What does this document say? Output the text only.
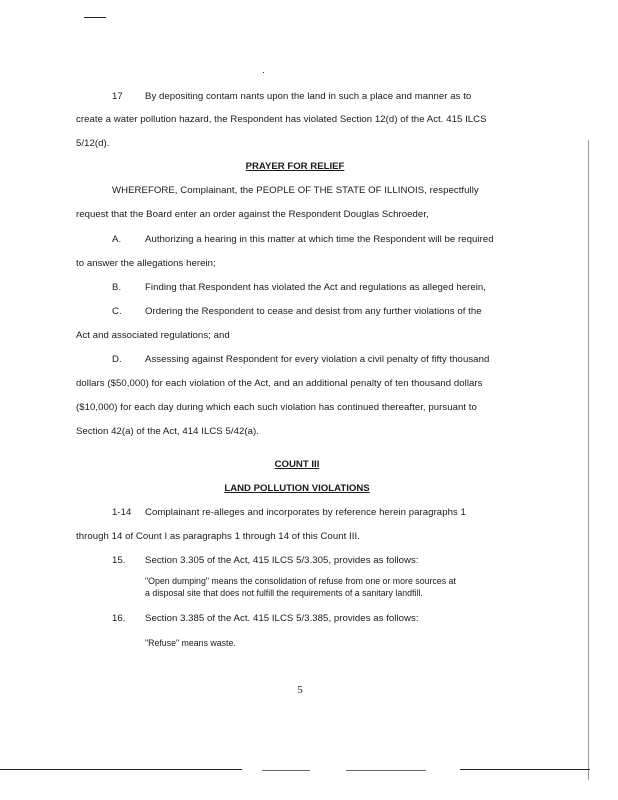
17 By depositing contam nants upon the land in such a place and manner as to
create a water pollution hazard, the Respondent has violated Section 12(d) of the Act. 415 ILCS
5/12(d).
PRAYER FOR RELIEF
WHEREFORE, Complainant, the PEOPLE OF THE STATE OF ILLINOIS, respectfully
request that the Board enter an order against the Respondent Douglas Schroeder,
A. Authorizing a hearing in this matter at which time the Respondent will be required
to answer the allegations herein;
B. Finding that Respondent has violated the Act and regulations as alleged herein,
C. Ordering the Respondent to cease and desist from any further violations of the
Act and associated regulations; and
D. Assessing against Respondent for every violation a civil penalty of fifty thousand
dollars ($50,000) for each violation of the Act, and an additional penalty of ten thousand dollars
($10,000) for each day during which each such violation has continued thereafter, pursuant to
Section 42(a) of the Act, 414 ILCS 5/42(a).
COUNT III
LAND POLLUTION VIOLATIONS
1-14 Complainant re-alleges and incorporates by reference herein paragraphs 1
through 14 of Count I as paragraphs 1 through 14 of this Count III.
15. Section 3.305 of the Act, 415 ILCS 5/3.305, provides as follows:
"Open dumping" means the consolidation of refuse from one or more sources at
a disposal site that does not fulfill the requirements of a sanitary landfill.
16. Section 3.385 of the Act. 415 ILCS 5/3.385, provides as follows:
"Refuse" means waste.
5
